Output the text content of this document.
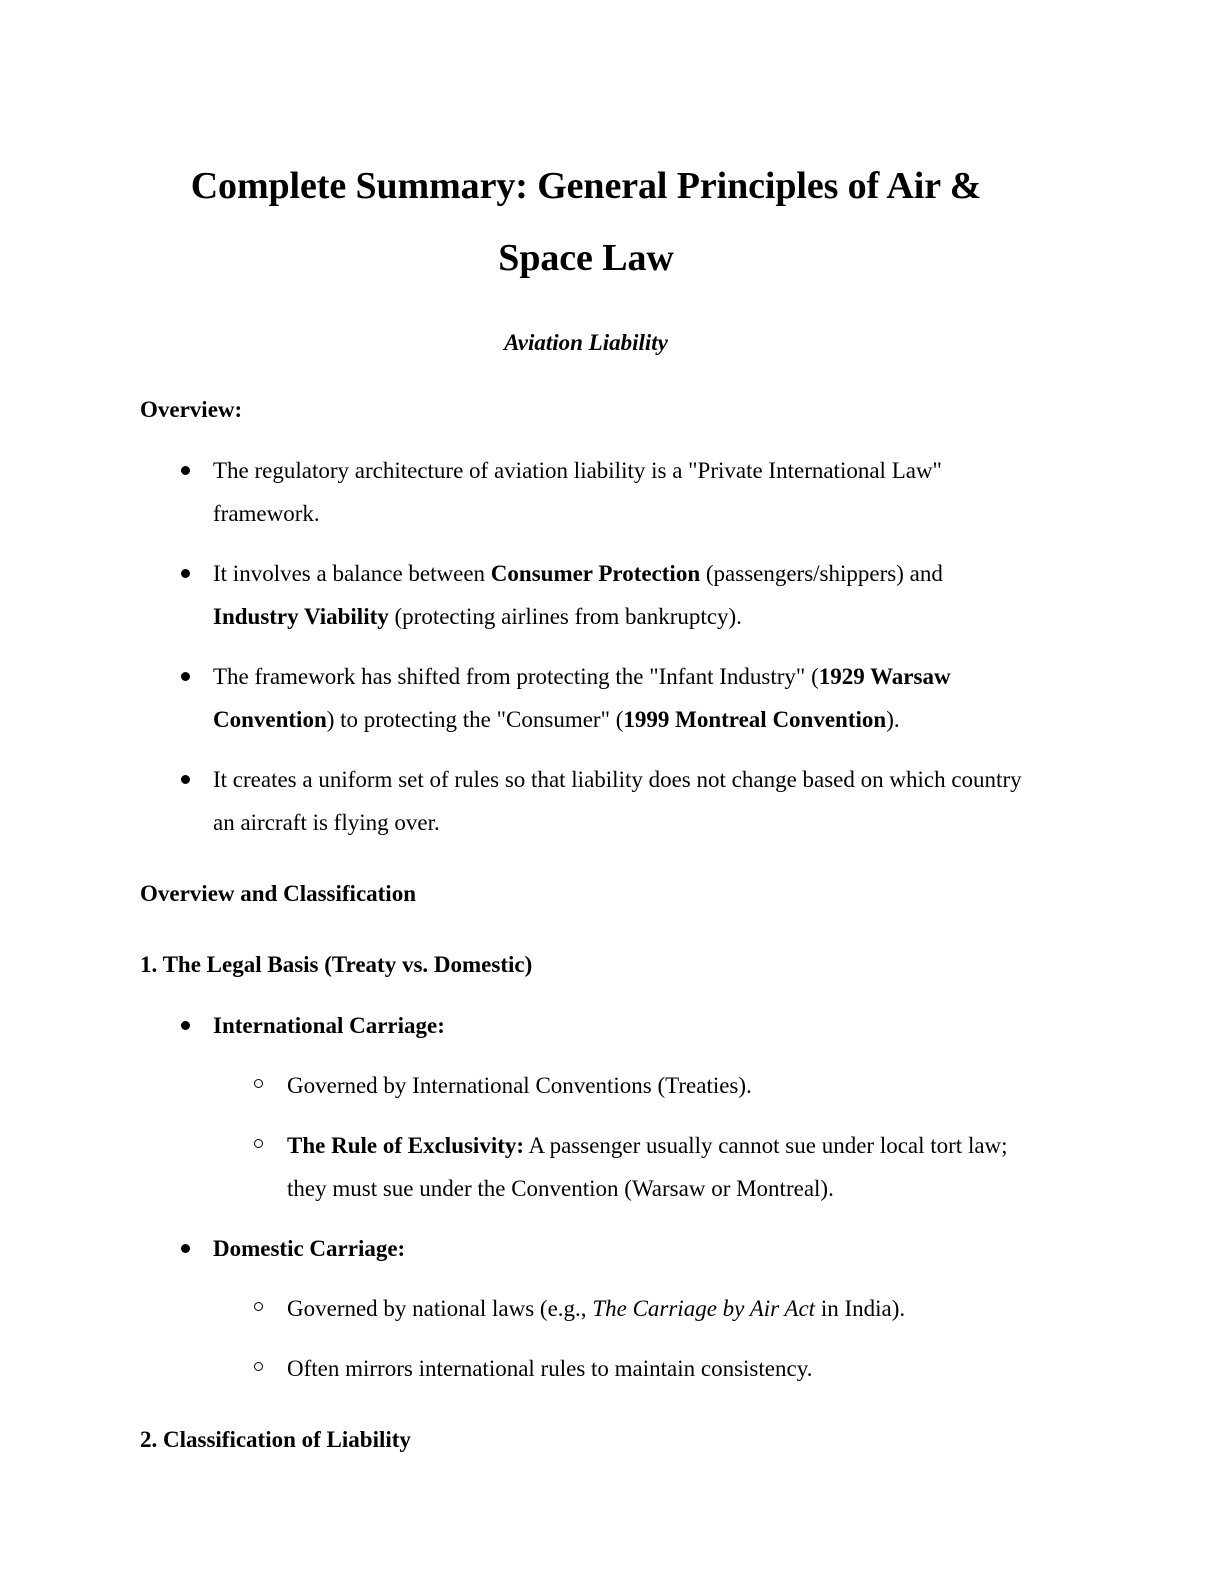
Complete Summary: General Principles of Air & Space Law
Aviation Liability
Overview:
The regulatory architecture of aviation liability is a "Private International Law" framework.
It involves a balance between Consumer Protection (passengers/shippers) and Industry Viability (protecting airlines from bankruptcy).
The framework has shifted from protecting the "Infant Industry" (1929 Warsaw Convention) to protecting the "Consumer" (1999 Montreal Convention).
It creates a uniform set of rules so that liability does not change based on which country an aircraft is flying over.
Overview and Classification
1. The Legal Basis (Treaty vs. Domestic)
International Carriage:
Governed by International Conventions (Treaties).
The Rule of Exclusivity: A passenger usually cannot sue under local tort law; they must sue under the Convention (Warsaw or Montreal).
Domestic Carriage:
Governed by national laws (e.g., The Carriage by Air Act in India).
Often mirrors international rules to maintain consistency.
2. Classification of Liability
